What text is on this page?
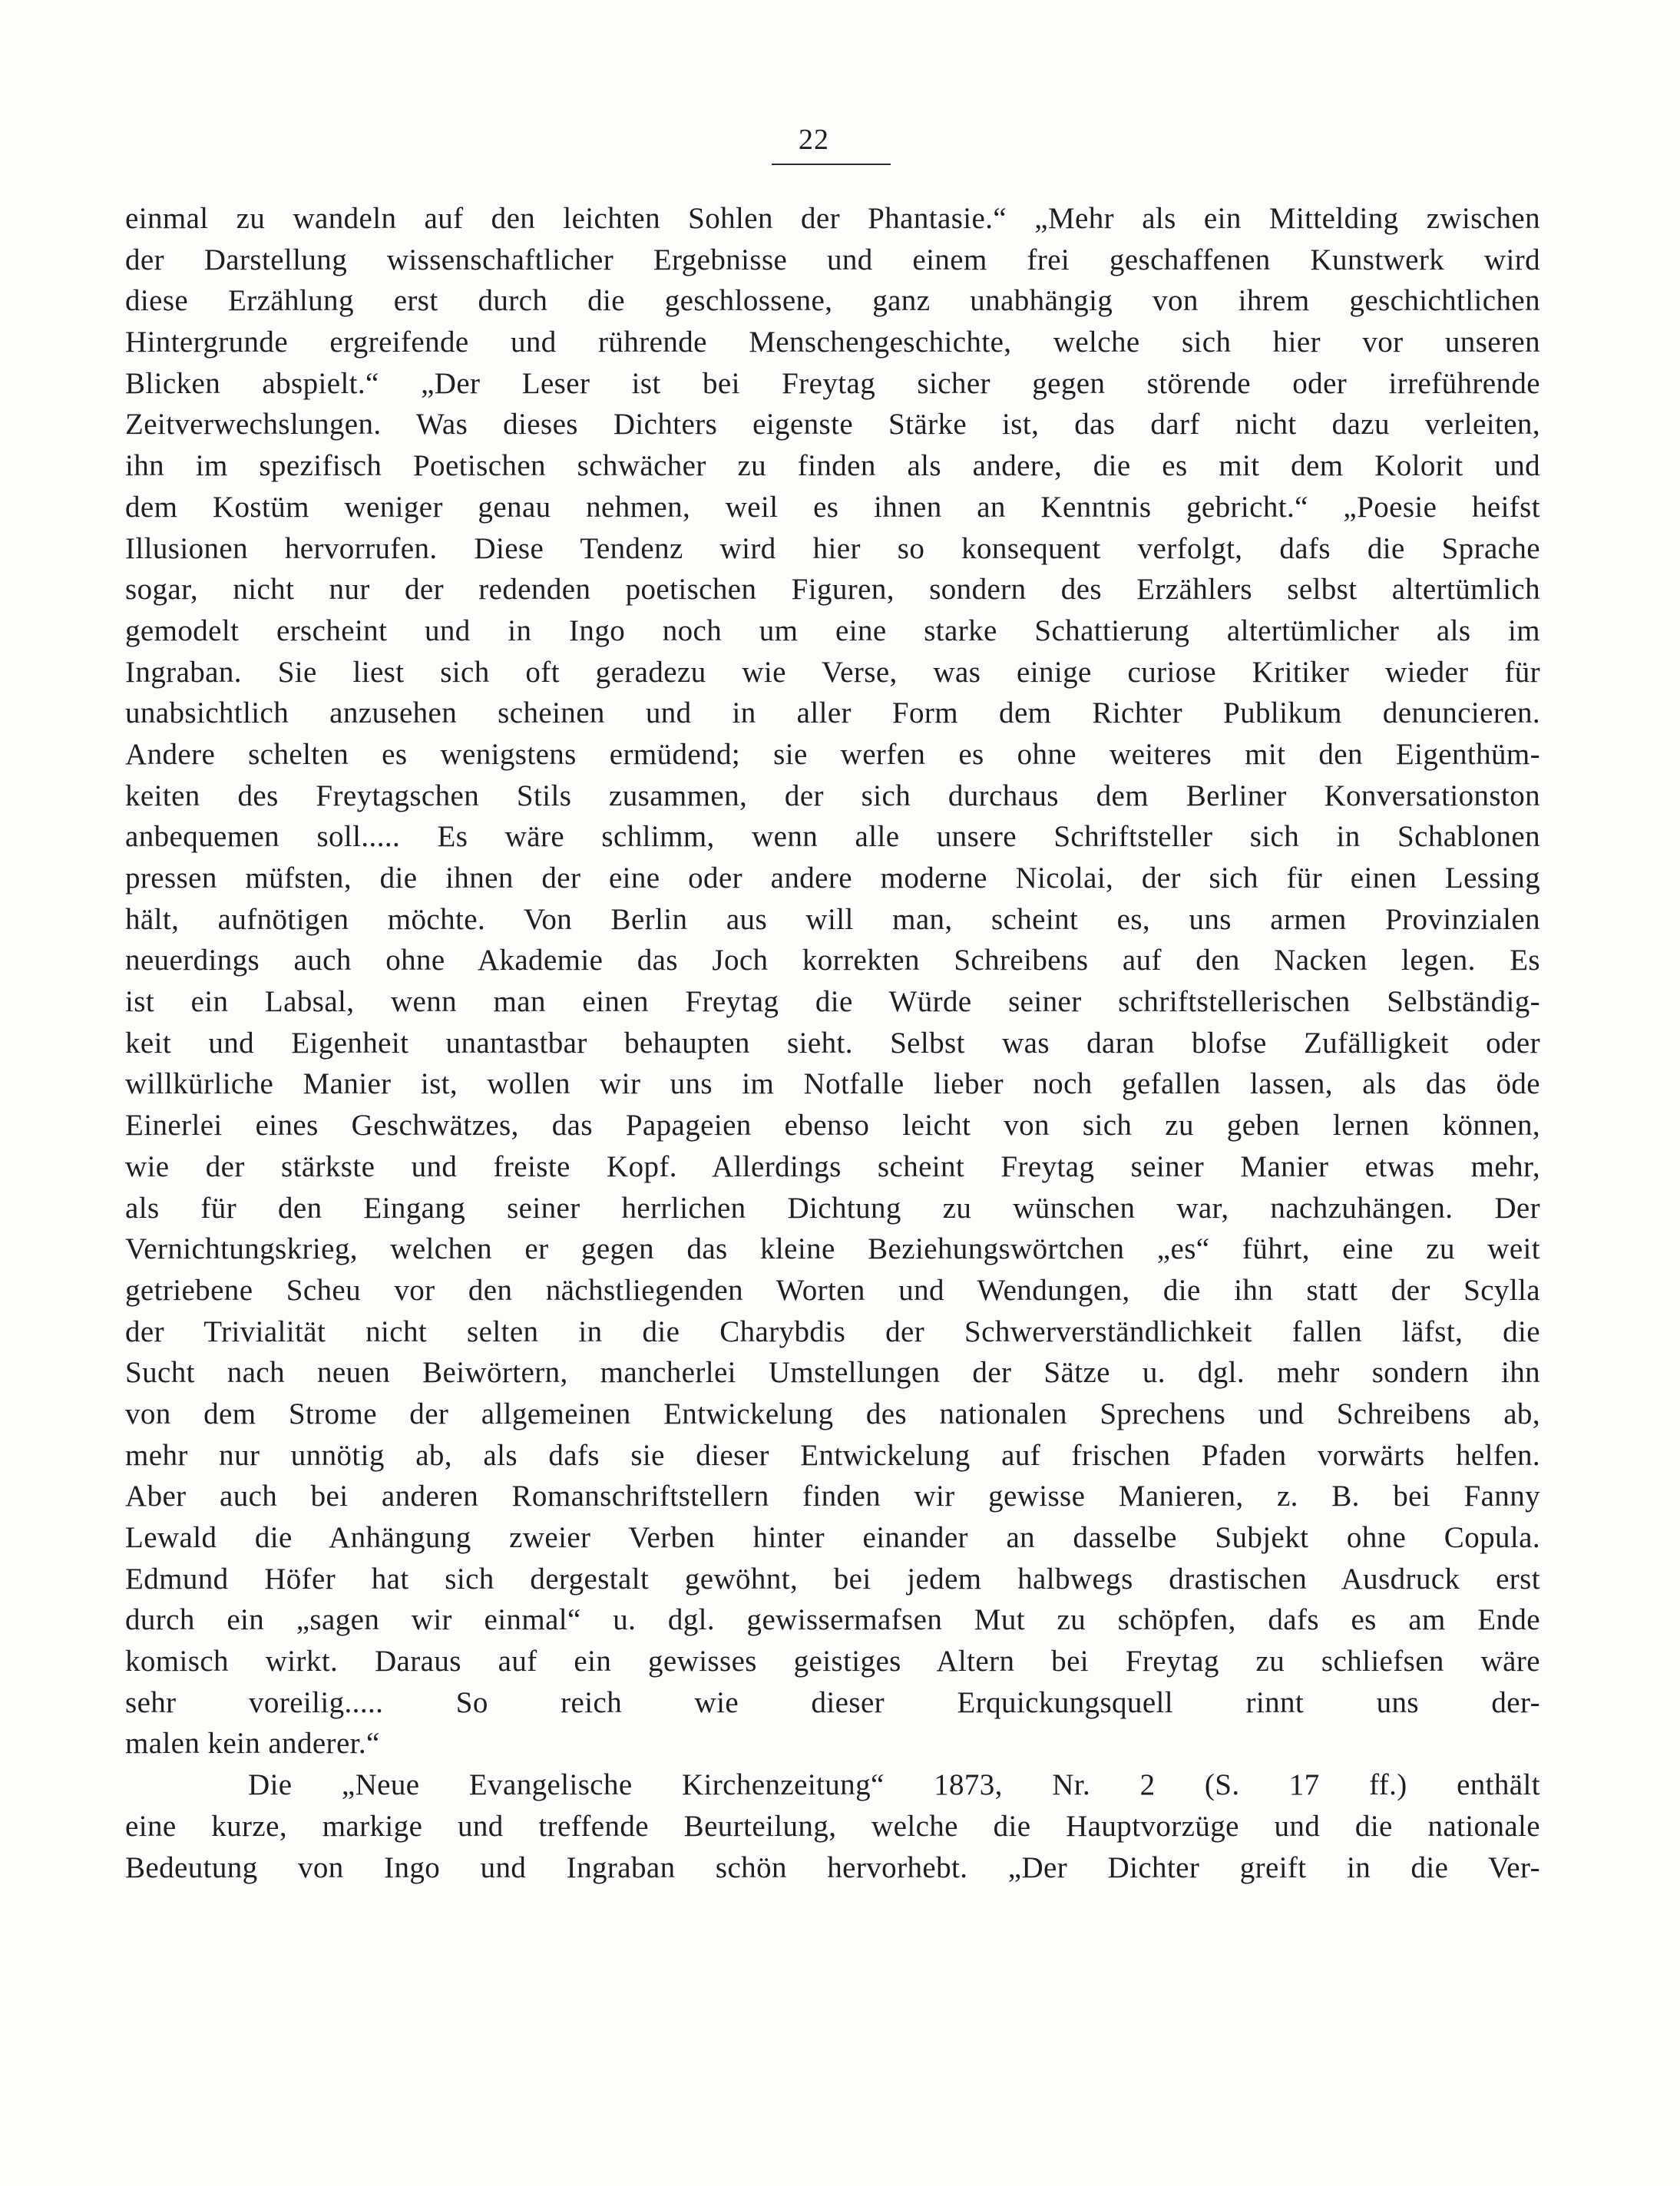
22
einmal zu wandeln auf den leichten Sohlen der Phantasie.“ „Mehr als ein Mittelding zwischen
der Darstellung wissenschaftlicher Ergebnisse und einem frei geschaffenen Kunstwerk wird
diese Erzählung erst durch die geschlossene, ganz unabhängig von ihrem geschichtlichen
Hintergrunde ergreifende und rührende Menschengeschichte, welche sich hier vor unseren
Blicken abspielt.“ „Der Leser ist bei Freytag sicher gegen störende oder irreführende
Zeitverwechslungen. Was dieses Dichters eigenste Stärke ist, das darf nicht dazu verleiten,
ihn im spezifisch Poetischen schwächer zu finden als andere, die es mit dem Kolorit und
dem Kostüm weniger genau nehmen, weil es ihnen an Kenntnis gebricht.“ „Poesie heifst
Illusionen hervorrufen. Diese Tendenz wird hier so konsequent verfolgt, dafs die Sprache
sogar, nicht nur der redenden poetischen Figuren, sondern des Erzählers selbst altertümlich
gemodelt erscheint und in Ingo noch um eine starke Schattierung altertümlicher als im
Ingraban. Sie liest sich oft geradezu wie Verse, was einige curiose Kritiker wieder für
unabsichtlich anzusehen scheinen und in aller Form dem Richter Publikum denuncieren.
Andere schelten es wenigstens ermüdend; sie werfen es ohne weiteres mit den Eigenthüm-
keiten des Freytagschen Stils zusammen, der sich durchaus dem Berliner Konversationston
anbequemen soll..... Es wäre schlimm, wenn alle unsere Schriftsteller sich in Schablonen
pressen müfsten, die ihnen der eine oder andere moderne Nicolai, der sich für einen Lessing
hält, aufnötigen möchte. Von Berlin aus will man, scheint es, uns armen Provinzialen
neuerdings auch ohne Akademie das Joch korrekten Schreibens auf den Nacken legen. Es
ist ein Labsal, wenn man einen Freytag die Würde seiner schriftstellerischen Selbständig-
keit und Eigenheit unantastbar behaupten sieht. Selbst was daran blofse Zufälligkeit oder
willkürliche Manier ist, wollen wir uns im Notfalle lieber noch gefallen lassen, als das öde
Einerlei eines Geschwätzes, das Papageien ebenso leicht von sich zu geben lernen können,
wie der stärkste und freiste Kopf. Allerdings scheint Freytag seiner Manier etwas mehr,
als für den Eingang seiner herrlichen Dichtung zu wünschen war, nachzuhängen. Der
Vernichtungskrieg, welchen er gegen das kleine Beziehungswörtchen „es“ führt, eine zu weit
getriebene Scheu vor den nächstliegenden Worten und Wendungen, die ihn statt der Scylla
der Trivialität nicht selten in die Charybdis der Schwerverständlichkeit fallen läfst, die
Sucht nach neuen Beiwörtern, mancherlei Umstellungen der Sätze u. dgl. mehr sondern ihn
von dem Strome der allgemeinen Entwickelung des nationalen Sprechens und Schreibens ab,
mehr nur unnötig ab, als dafs sie dieser Entwickelung auf frischen Pfaden vorwärts helfen.
Aber auch bei anderen Romanschriftstellern finden wir gewisse Manieren, z. B. bei Fanny
Lewald die Anhängung zweier Verben hinter einander an dasselbe Subjekt ohne Copula.
Edmund Höfer hat sich dergestalt gewöhnt, bei jedem halbwegs drastischen Ausdruck erst
durch ein „sagen wir einmal“ u. dgl. gewissermafsen Mut zu schöpfen, dafs es am Ende
komisch wirkt. Daraus auf ein gewisses geistiges Altern bei Freytag zu schliefsen wäre
sehr voreilig..... So reich wie dieser Erquickungsquell rinnt uns der-
malen kein anderer.“
Die „Neue Evangelische Kirchenzeitung“ 1873, Nr. 2 (S. 17 ff.) enthält
eine kurze, markige und treffende Beurteilung, welche die Hauptvorzüge und die nationale
Bedeutung von Ingo und Ingraban schön hervorhebt. „Der Dichter greift in die Ver-
